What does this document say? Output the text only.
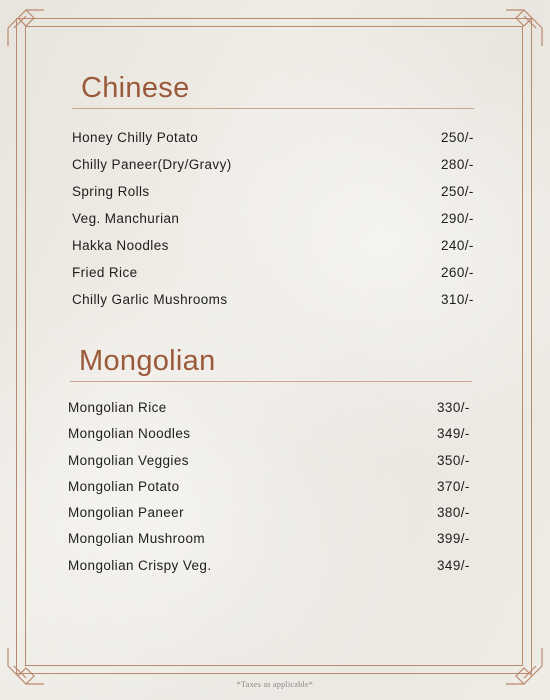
Chinese
Honey Chilly Potato	250/-
Chilly Paneer(Dry/Gravy)	280/-
Spring Rolls	250/-
Veg. Manchurian	290/-
Hakka Noodles	240/-
Fried Rice	260/-
Chilly Garlic Mushrooms	310/-
Mongolian
Mongolian Rice	330/-
Mongolian Noodles	349/-
Mongolian Veggies	350/-
Mongolian Potato	370/-
Mongolian Paneer	380/-
Mongolian Mushroom	399/-
Mongolian Crispy Veg.	349/-
*Taxes as applicable*
